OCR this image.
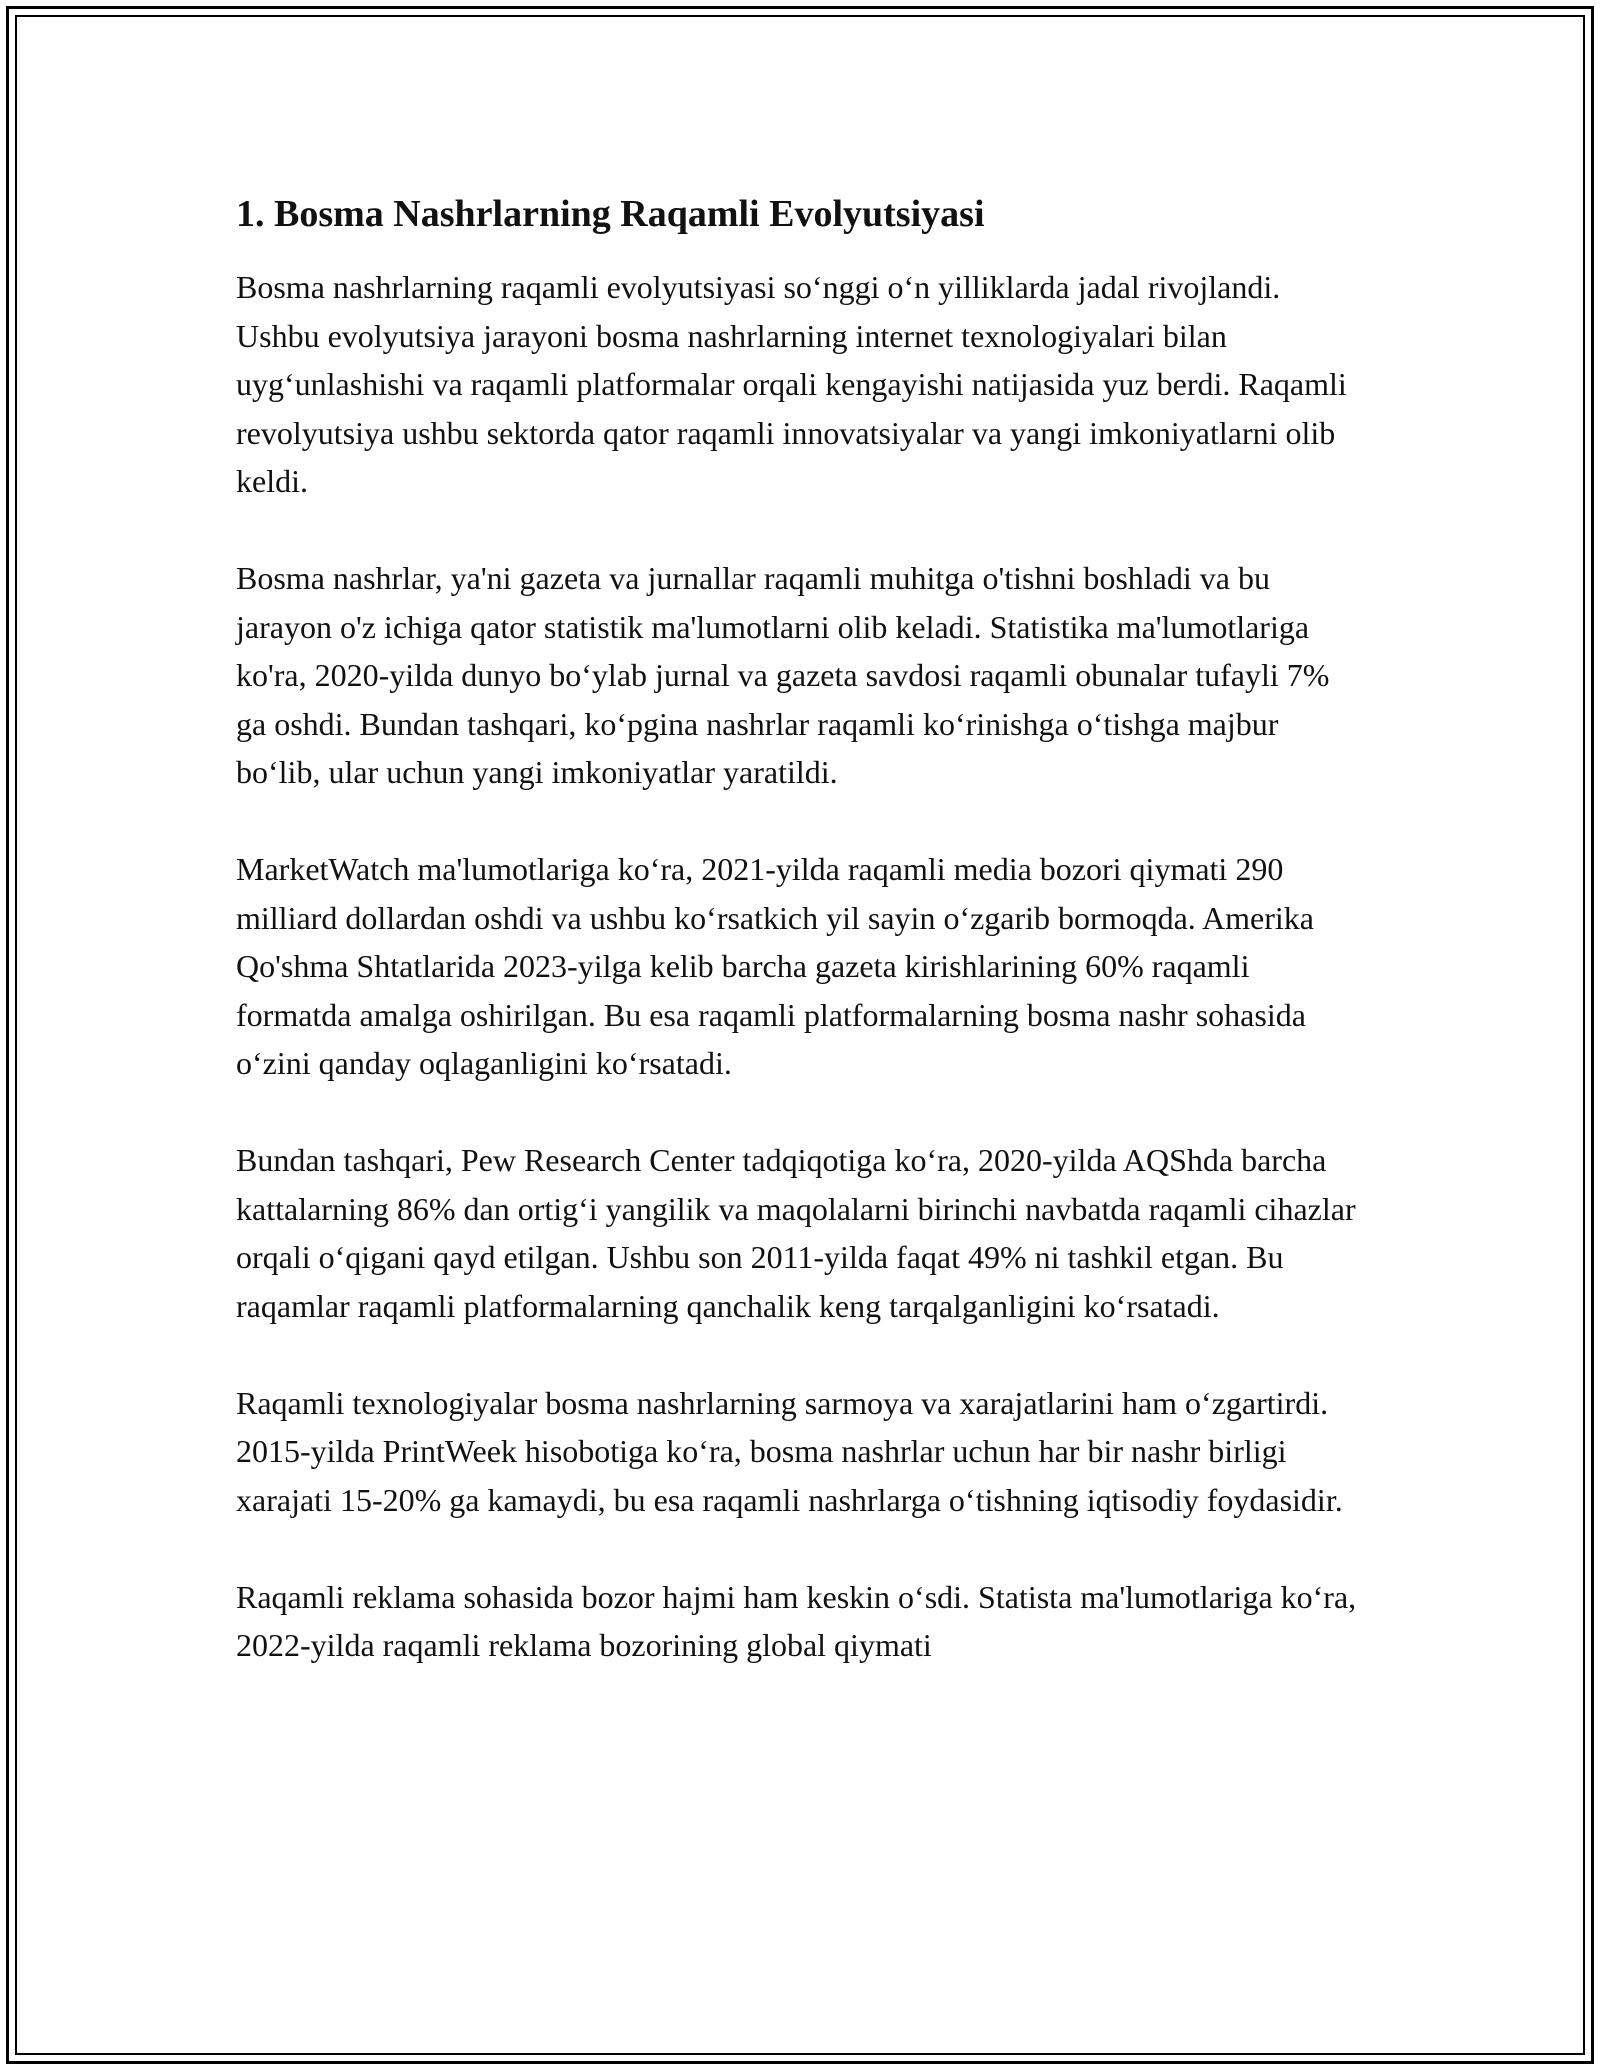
1. Bosma Nashrlarning Raqamli Evolyutsiyasi

Bosma nashrlarning raqamli evolyutsiyasi so‘nggi o‘n yilliklarda jadal rivojlandi. Ushbu evolyutsiya jarayoni bosma nashrlarning internet texnologiyalari bilan uyg‘unlashishi va raqamli platformalar orqali kengayishi natijasida yuz berdi. Raqamli revolyutsiya ushbu sektorda qator raqamli innovatsiyalar va yangi imkoniyatlarni olib keldi.

Bosma nashrlar, ya'ni gazeta va jurnallar raqamli muhitga o'tishni boshladi va bu jarayon o'z ichiga qator statistik ma'lumotlarni olib keladi. Statistika ma'lumotlariga ko'ra, 2020-yilda dunyo bo‘ylab jurnal va gazeta savdosi raqamli obunalar tufayli 7% ga oshdi. Bundan tashqari, ko‘pgina nashrlar raqamli ko‘rinishga o‘tishga majbur bo‘lib, ular uchun yangi imkoniyatlar yaratildi.

MarketWatch ma'lumotlariga ko‘ra, 2021-yilda raqamli media bozori qiymati 290 milliard dollardan oshdi va ushbu ko‘rsatkich yil sayin o‘zgarib bormoqda. Amerika Qo'shma Shtatlarida 2023-yilga kelib barcha gazeta kirishlarining 60% raqamli formatda amalga oshirilgan. Bu esa raqamli platformalarning bosma nashr sohasida o‘zini qanday oqlaganligini ko‘rsatadi.

Bundan tashqari, Pew Research Center tadqiqotiga ko‘ra, 2020-yilda AQShda barcha kattalarning 86% dan ortig‘i yangilik va maqolalarni birinchi navbatda raqamli cihazlar orqali o‘qigani qayd etilgan. Ushbu son 2011-yilda faqat 49% ni tashkil etgan. Bu raqamlar raqamli platformalarning qanchalik keng tarqalganligini ko‘rsatadi.

Raqamli texnologiyalar bosma nashrlarning sarmoya va xarajatlarini ham o‘zgartirdi. 2015-yilda PrintWeek hisobotiga ko‘ra, bosma nashrlar uchun har bir nashr birligi xarajati 15-20% ga kamaydi, bu esa raqamli nashrlarga o‘tishning iqtisodiy foydasidir.

Raqamli reklama sohasida bozor hajmi ham keskin o‘sdi. Statista ma'lumotlariga ko‘ra, 2022-yilda raqamli reklama bozorining global qiymati
